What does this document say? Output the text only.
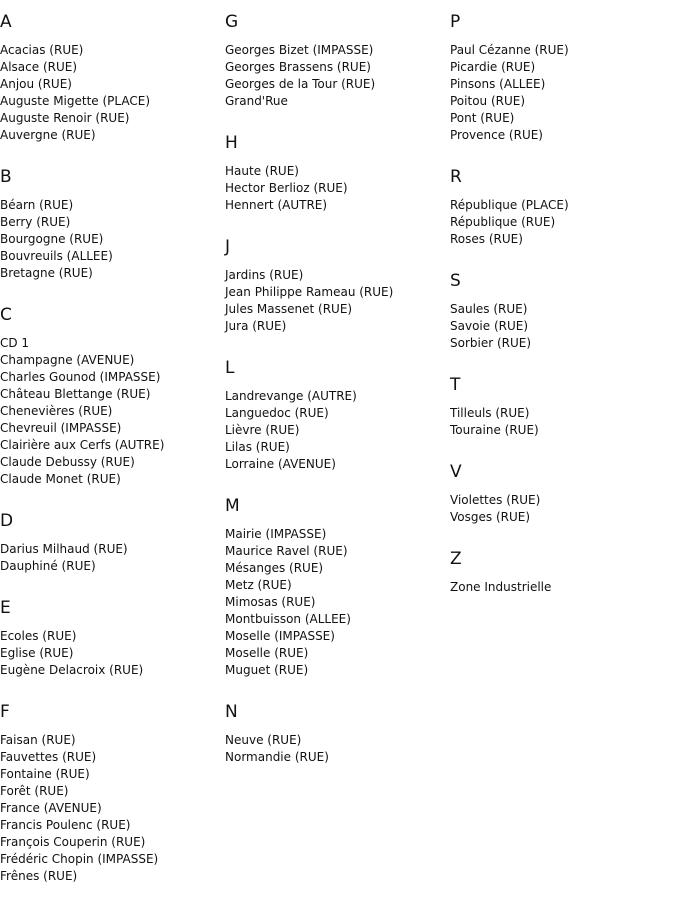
A
Acacias (RUE)
Alsace (RUE)
Anjou (RUE)
Auguste Migette (PLACE)
Auguste Renoir (RUE)
Auvergne (RUE)
B
Béarn (RUE)
Berry (RUE)
Bourgogne (RUE)
Bouvreuils (ALLEE)
Bretagne (RUE)
C
CD 1
Champagne (AVENUE)
Charles Gounod (IMPASSE)
Château Blettange (RUE)
Chenevières (RUE)
Chevreuil (IMPASSE)
Clairière aux Cerfs (AUTRE)
Claude Debussy (RUE)
Claude Monet (RUE)
D
Darius Milhaud (RUE)
Dauphiné (RUE)
E
Ecoles (RUE)
Eglise (RUE)
Eugène Delacroix (RUE)
F
Faisan (RUE)
Fauvettes (RUE)
Fontaine (RUE)
Forêt (RUE)
France (AVENUE)
Francis Poulenc (RUE)
François Couperin (RUE)
Frédéric Chopin (IMPASSE)
Frênes (RUE)
G
Georges Bizet (IMPASSE)
Georges Brassens (RUE)
Georges de la Tour (RUE)
Grand'Rue
H
Haute (RUE)
Hector Berlioz (RUE)
Hennert (AUTRE)
J
Jardins (RUE)
Jean Philippe Rameau (RUE)
Jules Massenet (RUE)
Jura (RUE)
L
Landrevange (AUTRE)
Languedoc (RUE)
Lièvre (RUE)
Lilas (RUE)
Lorraine (AVENUE)
M
Mairie (IMPASSE)
Maurice Ravel (RUE)
Mésanges (RUE)
Metz (RUE)
Mimosas (RUE)
Montbuisson (ALLEE)
Moselle (IMPASSE)
Moselle (RUE)
Muguet (RUE)
N
Neuve (RUE)
Normandie (RUE)
P
Paul Cézanne (RUE)
Picardie (RUE)
Pinsons (ALLEE)
Poitou (RUE)
Pont (RUE)
Provence (RUE)
R
République (PLACE)
République (RUE)
Roses (RUE)
S
Saules (RUE)
Savoie (RUE)
Sorbier (RUE)
T
Tilleuls (RUE)
Touraine (RUE)
V
Violettes (RUE)
Vosges (RUE)
Z
Zone Industrielle
